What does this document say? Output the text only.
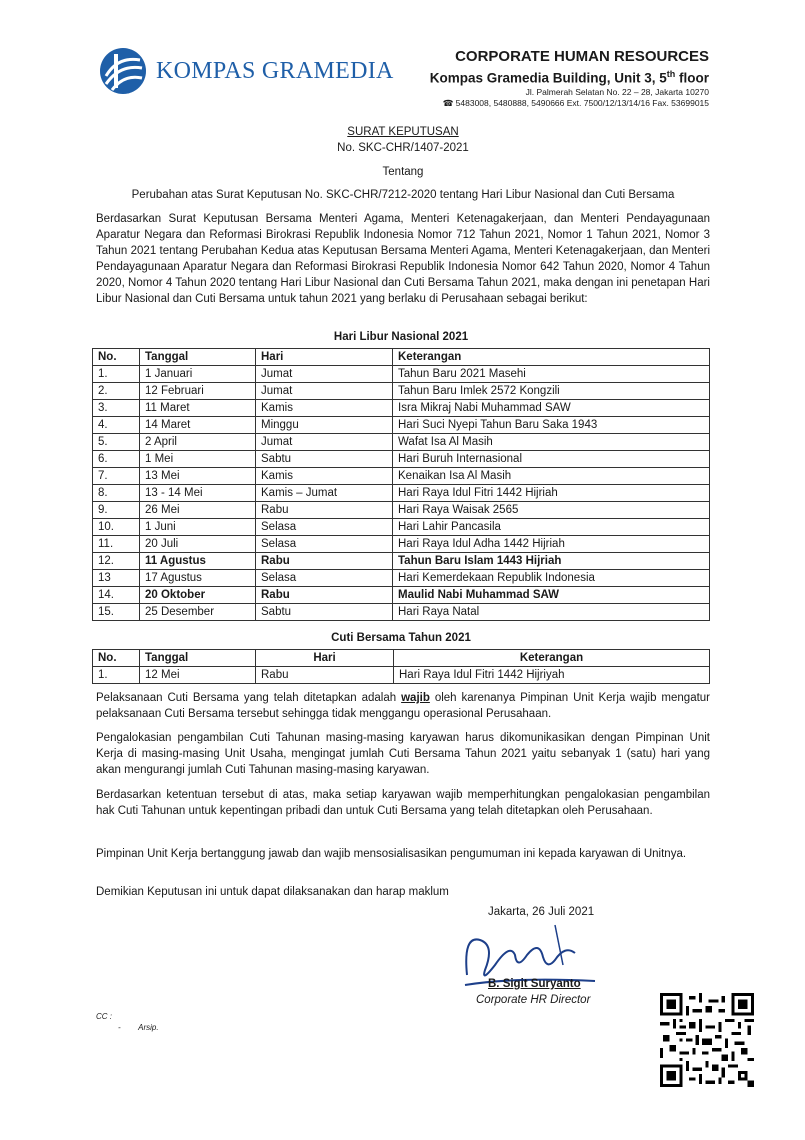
KOMPAS GRAMEDIA
CORPORATE HUMAN RESOURCES
Kompas Gramedia Building, Unit 3, 5th floor
Jl. Palmerah Selatan No. 22 – 28, Jakarta 10270
☎ 5483008, 5480888, 5490666 Ext. 7500/12/13/14/16 Fax. 53699015
SURAT KEPUTUSAN
No. SKC-CHR/1407-2021
Tentang
Perubahan atas Surat Keputusan No. SKC-CHR/7212-2020 tentang Hari Libur Nasional dan Cuti Bersama
Berdasarkan Surat Keputusan Bersama Menteri Agama, Menteri Ketenagakerjaan, dan Menteri Pendayagunaan Aparatur Negara dan Reformasi Birokrasi Republik Indonesia Nomor 712 Tahun 2021, Nomor 1 Tahun 2021, Nomor 3 Tahun 2021 tentang Perubahan Kedua atas Keputusan Bersama Menteri Agama, Menteri Ketenagakerjaan, dan Menteri Pendayagunaan Aparatur Negara dan Reformasi Birokrasi Republik Indonesia Nomor 642 Tahun 2020, Nomor 4 Tahun 2020, Nomor 4 Tahun 2020 tentang Hari Libur Nasional dan Cuti Bersama Tahun 2021, maka dengan ini penetapan Hari Libur Nasional dan Cuti Bersama untuk tahun 2021 yang berlaku di Perusahaan sebagai berikut:
Hari Libur Nasional 2021
No.	Tanggal	Hari	Keterangan
1.	1 Januari	Jumat	Tahun Baru 2021 Masehi
2.	12 Februari	Jumat	Tahun Baru Imlek 2572 Kongzili
3.	11 Maret	Kamis	Isra Mikraj Nabi Muhammad SAW
4.	14 Maret	Minggu	Hari Suci Nyepi Tahun Baru Saka 1943
5.	2 April	Jumat	Wafat Isa Al Masih
6.	1 Mei	Sabtu	Hari Buruh Internasional
7.	13 Mei	Kamis	Kenaikan Isa Al Masih
8.	13 - 14 Mei	Kamis – Jumat	Hari Raya Idul Fitri 1442 Hijriah
9.	26 Mei	Rabu	Hari Raya Waisak 2565
10.	1 Juni	Selasa	Hari Lahir Pancasila
11.	20 Juli	Selasa	Hari Raya Idul Adha 1442 Hijriah
12.	11 Agustus	Rabu	Tahun Baru Islam 1443 Hijriah
13	17 Agustus	Selasa	Hari Kemerdekaan Republik Indonesia
14.	20 Oktober	Rabu	Maulid Nabi Muhammad SAW
15.	25 Desember	Sabtu	Hari Raya Natal
Cuti Bersama Tahun 2021
No.	Tanggal	Hari	Keterangan
1.	12 Mei	Rabu	Hari Raya Idul Fitri 1442 Hijriyah
Pelaksanaan Cuti Bersama yang telah ditetapkan adalah wajib oleh karenanya Pimpinan Unit Kerja wajib mengatur pelaksanaan Cuti Bersama tersebut sehingga tidak menggangu operasional Perusahaan.
Pengalokasian pengambilan Cuti Tahunan masing-masing karyawan harus dikomunikasikan dengan Pimpinan Unit Kerja di masing-masing Unit Usaha, mengingat jumlah Cuti Bersama Tahun 2021 yaitu sebanyak 1 (satu) hari yang akan mengurangi jumlah Cuti Tahunan masing-masing karyawan.
Berdasarkan ketentuan tersebut di atas, maka setiap karyawan wajib memperhitungkan pengalokasian pengambilan hak Cuti Tahunan untuk kepentingan pribadi dan untuk Cuti Bersama yang telah ditetapkan oleh Perusahaan.
Pimpinan Unit Kerja bertanggung jawab dan wajib mensosialisasikan pengumuman ini kepada karyawan di Unitnya.
Demikian Keputusan ini untuk dapat dilaksanakan dan harap maklum
Jakarta, 26 Juli 2021
B. Sigit Suryanto
Corporate HR Director
CC :
-        Arsip.
